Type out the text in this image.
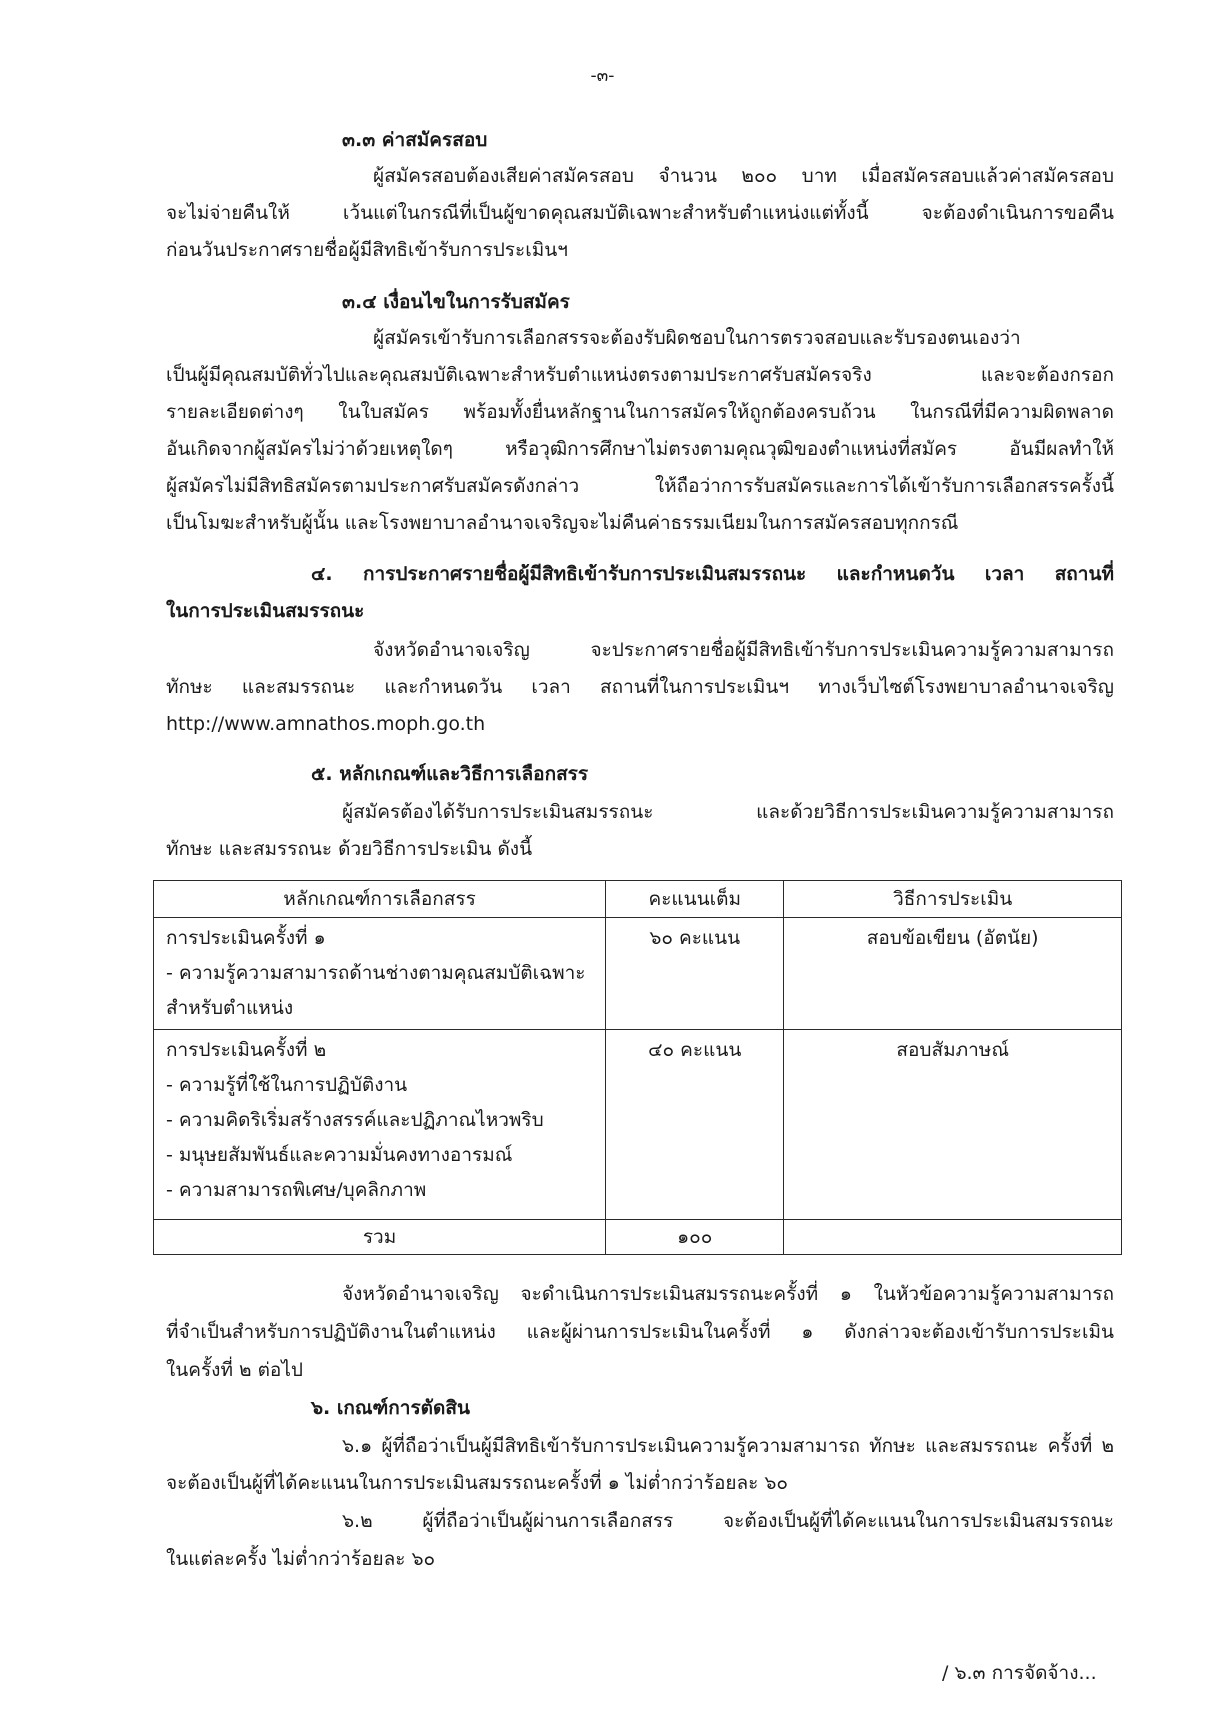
-๓-
๓.๓ ค่าสมัครสอบ
ผู้สมัครสอบต้องเสียค่าสมัครสอบ จำนวน ๒๐๐ บาท เมื่อสมัครสอบแล้วค่าสมัครสอบ
จะไม่จ่ายคืนให้ เว้นแต่ในกรณีที่เป็นผู้ขาดคุณสมบัติเฉพาะสำหรับตำแหน่งแต่ทั้งนี้ จะต้องดำเนินการขอคืน
ก่อนวันประกาศรายชื่อผู้มีสิทธิเข้ารับการประเมินฯ
๓.๔ เงื่อนไขในการรับสมัคร
ผู้สมัครเข้ารับการเลือกสรรจะต้องรับผิดชอบในการตรวจสอบและรับรองตนเองว่า
เป็นผู้มีคุณสมบัติทั่วไปและคุณสมบัติเฉพาะสำหรับตำแหน่งตรงตามประกาศรับสมัครจริง และจะต้องกรอก
รายละเอียดต่างๆ ในใบสมัคร พร้อมทั้งยื่นหลักฐานในการสมัครให้ถูกต้องครบถ้วน ในกรณีที่มีความผิดพลาด
อันเกิดจากผู้สมัครไม่ว่าด้วยเหตุใดๆ หรือวุฒิการศึกษาไม่ตรงตามคุณวุฒิของตำแหน่งที่สมัคร อันมีผลทำให้
ผู้สมัครไม่มีสิทธิสมัครตามประกาศรับสมัครดังกล่าว ให้ถือว่าการรับสมัครและการได้เข้ารับการเลือกสรรครั้งนี้
เป็นโมฆะสำหรับผู้นั้น และโรงพยาบาลอำนาจเจริญจะไม่คืนค่าธรรมเนียมในการสมัครสอบทุกกรณี
๔. การประกาศรายชื่อผู้มีสิทธิเข้ารับการประเมินสมรรถนะ และกำหนดวัน เวลา สถานที่
ในการประเมินสมรรถนะ
จังหวัดอำนาจเจริญ จะประกาศรายชื่อผู้มีสิทธิเข้ารับการประเมินความรู้ความสามารถ
ทักษะ และสมรรถนะ และกำหนดวัน เวลา สถานที่ในการประเมินฯ ทางเว็บไซต์โรงพยาบาลอำนาจเจริญ
http://www.amnathos.moph.go.th
๕. หลักเกณฑ์และวิธีการเลือกสรร
ผู้สมัครต้องได้รับการประเมินสมรรถนะ และด้วยวิธีการประเมินความรู้ความสามารถ
ทักษะ และสมรรถนะ ด้วยวิธีการประเมิน ดังนี้
หลักเกณฑ์การเลือกสรร	คะแนนเต็ม	วิธีการประเมิน

การประเมินครั้งที่ ๑
- ความรู้ความสามารถด้านช่างตามคุณสมบัติเฉพาะ
สำหรับตำแหน่ง	๖๐ คะแนน	สอบข้อเขียน (อัตนัย)

การประเมินครั้งที่ ๒
- ความรู้ที่ใช้ในการปฏิบัติงาน
- ความคิดริเริ่มสร้างสรรค์และปฏิภาณไหวพริบ
- มนุษยสัมพันธ์และความมั่นคงทางอารมณ์
- ความสามารถพิเศษ/บุคลิกภาพ	๔๐ คะแนน	สอบสัมภาษณ์
รวม	๑๐๐	
จังหวัดอำนาจเจริญ จะดำเนินการประเมินสมรรถนะครั้งที่ ๑ ในหัวข้อความรู้ความสามารถ
ที่จำเป็นสำหรับการปฏิบัติงานในตำแหน่ง และผู้ผ่านการประเมินในครั้งที่ ๑ ดังกล่าวจะต้องเข้ารับการประเมิน
ในครั้งที่ ๒ ต่อไป
๖. เกณฑ์การตัดสิน
๖.๑ ผู้ที่ถือว่าเป็นผู้มีสิทธิเข้ารับการประเมินความรู้ความสามารถ ทักษะ และสมรรถนะ ครั้งที่ ๒
จะต้องเป็นผู้ที่ได้คะแนนในการประเมินสมรรถนะครั้งที่ ๑ ไม่ต่ำกว่าร้อยละ ๖๐
๖.๒ ผู้ที่ถือว่าเป็นผู้ผ่านการเลือกสรร จะต้องเป็นผู้ที่ได้คะแนนในการประเมินสมรรถนะ
ในแต่ละครั้ง ไม่ต่ำกว่าร้อยละ ๖๐
/ ๖.๓ การจัดจ้าง...
